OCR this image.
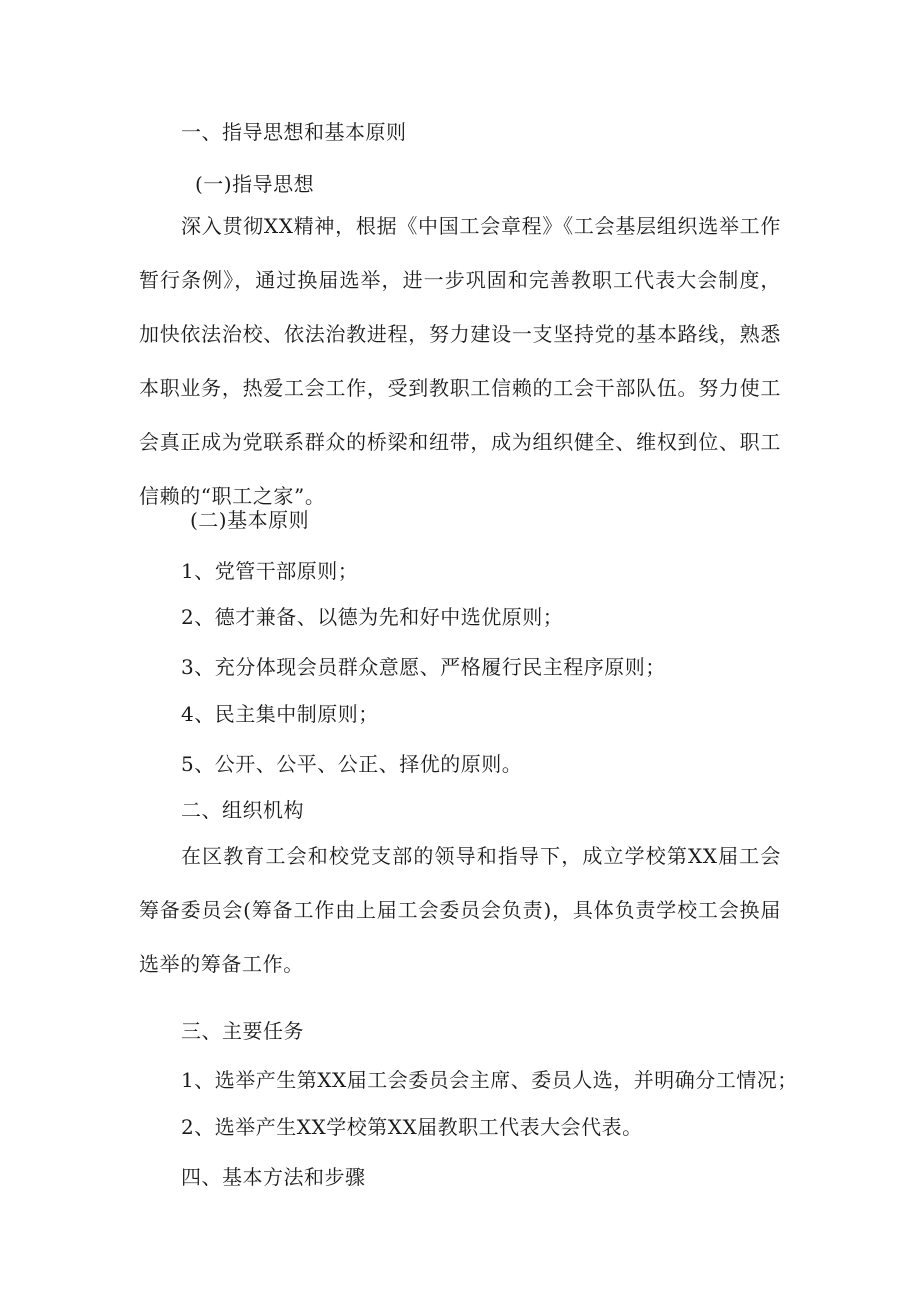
一、指导思想和基本原则
(一)指导思想

深入贯彻XX精神，根据《中国工会章程》《工会基层组织选举工作暂行条例》，通过换届选举，进一步巩固和完善教职工代表大会制度，加快依法治校、依法治教进程，努力建设一支坚持党的基本路线，熟悉本职业务，热爱工会工作，受到教职工信赖的工会干部队伍。努力使工会真正成为党联系群众的桥梁和纽带，成为组织健全、维权到位、职工信赖的“职工之家”。

(二)基本原则
1、党管干部原则；
2、德才兼备、以德为先和好中选优原则；
3、充分体现会员群众意愿、严格履行民主程序原则；
4、民主集中制原则；
5、公开、公平、公正、择优的原则。
二、组织机构

在区教育工会和校党支部的领导和指导下，成立学校第XX届工会筹备委员会(筹备工作由上届工会委员会负责)，具体负责学校工会换届选举的筹备工作。

三、主要任务
1、选举产生第XX届工会委员会主席、委员人选，并明确分工情况；
2、选举产生XX学校第XX届教职工代表大会代表。
四、基本方法和步骤
